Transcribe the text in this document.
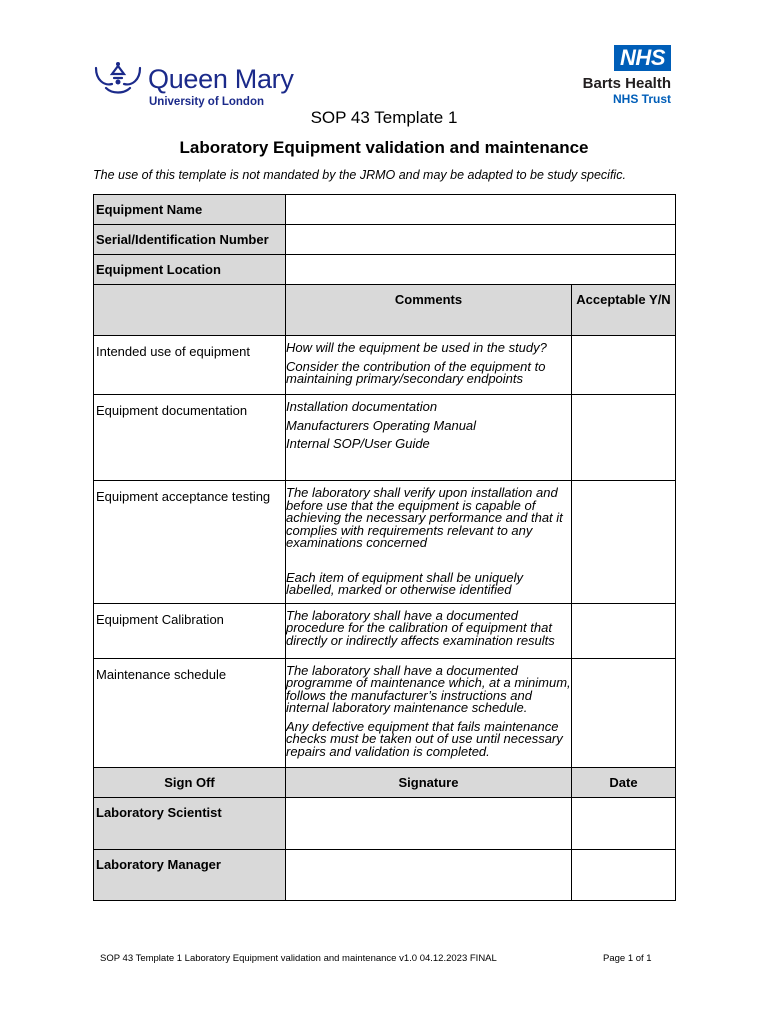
Queen Mary
University of London
NHS
Barts Health
NHS Trust
SOP 43 Template 1
Laboratory Equipment validation and maintenance
The use of this template is not mandated by the JRMO and may be adapted to be study specific.
Equipment Name		
Serial/Identification Number		
Equipment Location		
	Comments	Acceptable Y/N
Intended use of equipment	How will the equipment be used in the study?

Consider the contribution of the equipment to maintaining primary/secondary endpoints	

Equipment documentation	Installation documentation

Manufacturers Operating Manual

Internal SOP/User Guide	

Equipment acceptance testing	The laboratory shall verify upon installation and before use that the equipment is capable of achieving the necessary performance and that it complies with requirements relevant to any examinations concerned

Each item of equipment shall be uniquely labelled, marked or otherwise identified	

Equipment Calibration	The laboratory shall have a documented procedure for the calibration of equipment that directly or indirectly affects examination results	

Maintenance schedule	The laboratory shall have a documented programme of maintenance which, at a minimum, follows the manufacturer’s instructions and internal laboratory maintenance schedule.

Any defective equipment that fails maintenance checks must be taken out of use until necessary repairs and validation is completed.	

Sign Off	Signature	Date
Laboratory Scientist		
Laboratory Manager		
SOP 43 Template 1 Laboratory Equipment validation and maintenance v1.0 04.12.2023 FINAL	Page 1 of 1
